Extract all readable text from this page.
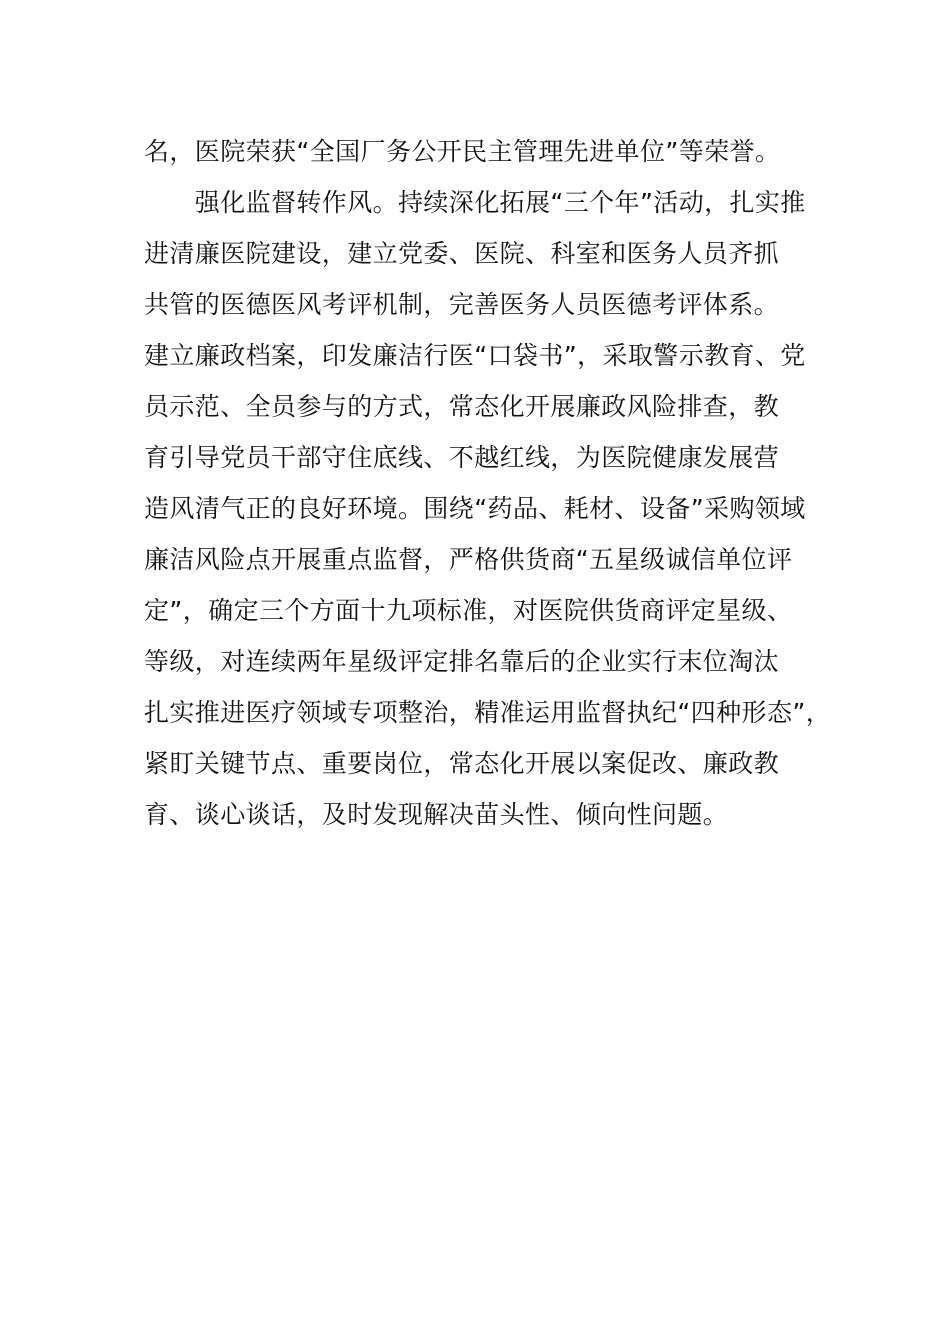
名，医院荣获“全国厂务公开民主管理先进单位”等荣誉。
　　强化监督转作风。持续深化拓展“三个年”活动，扎实推
进清廉医院建设，建立党委、医院、科室和医务人员齐抓
共管的医德医风考评机制，完善医务人员医德考评体系。
建立廉政档案，印发廉洁行医“口袋书”，采取警示教育、党
员示范、全员参与的方式，常态化开展廉政风险排查，教
育引导党员干部守住底线、不越红线，为医院健康发展营
造风清气正的良好环境。围绕“药品、耗材、设备”采购领域
廉洁风险点开展重点监督，严格供货商“五星级诚信单位评
定”，确定三个方面十九项标准，对医院供货商评定星级、
等级，对连续两年星级评定排名靠后的企业实行末位淘汰
扎实推进医疗领域专项整治，精准运用监督执纪“四种形态”，
紧盯关键节点、重要岗位，常态化开展以案促改、廉政教
育、谈心谈话，及时发现解决苗头性、倾向性问题。
